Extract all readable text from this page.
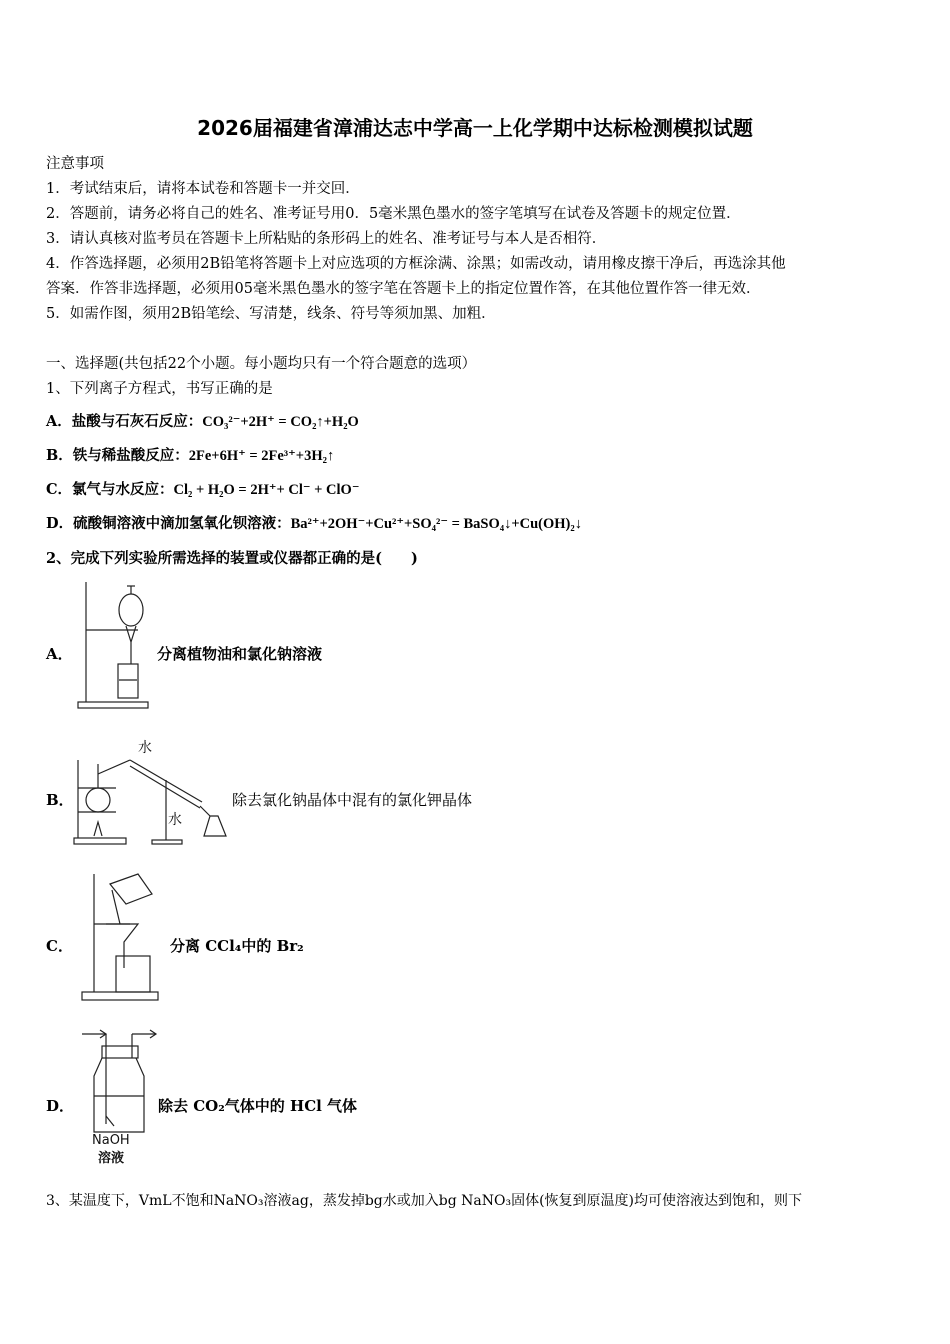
2026届福建省漳浦达志中学高一上化学期中达标检测模拟试题
注意事项
1．考试结束后，请将本试卷和答题卡一并交回．
2．答题前，请务必将自己的姓名、准考证号用0．5毫米黑色墨水的签字笔填写在试卷及答题卡的规定位置．
3．请认真核对监考员在答题卡上所粘贴的条形码上的姓名、准考证号与本人是否相符．
4．作答选择题，必须用2B铅笔将答题卡上对应选项的方框涂满、涂黑；如需改动，请用橡皮擦干净后，再选涂其他
答案．作答非选择题，必须用05毫米黑色墨水的签字笔在答题卡上的指定位置作答，在其他位置作答一律无效．
5．如需作图，须用2B铅笔绘、写清楚，线条、符号等须加黑、加粗．
一、选择题(共包括22个小题。每小题均只有一个符合题意的选项）
1、下列离子方程式，书写正确的是
A．盐酸与石灰石反应：CO₃²⁻+2H⁺ = CO₂↑+H₂O
B．铁与稀盐酸反应：2Fe+6H⁺ = 2Fe³⁺+3H₂↑
C．氯气与水反应：Cl₂ + H₂O = 2H⁺+ Cl⁻ + ClO⁻
D．硫酸铜溶液中滴加氢氧化钡溶液：Ba²⁺+2OH⁻+Cu²⁺+SO₄²⁻ = BaSO₄↓+Cu(OH)₂↓
2、完成下列实验所需选择的装置或仪器都正确的是(　　)
A．	分离植物油和氯化钠溶液
B．
水
水
除去氯化钠晶体中混有的氯化钾晶体
C．	分离 CCl₄中的 Br₂
D．
NaOH
溶液
除去 CO₂气体中的 HCl 气体
3、某温度下，VmL不饱和NaNO₃溶液ag，蒸发掉bg水或加入bg NaNO₃固体(恢复到原温度)均可使溶液达到饱和，则下
